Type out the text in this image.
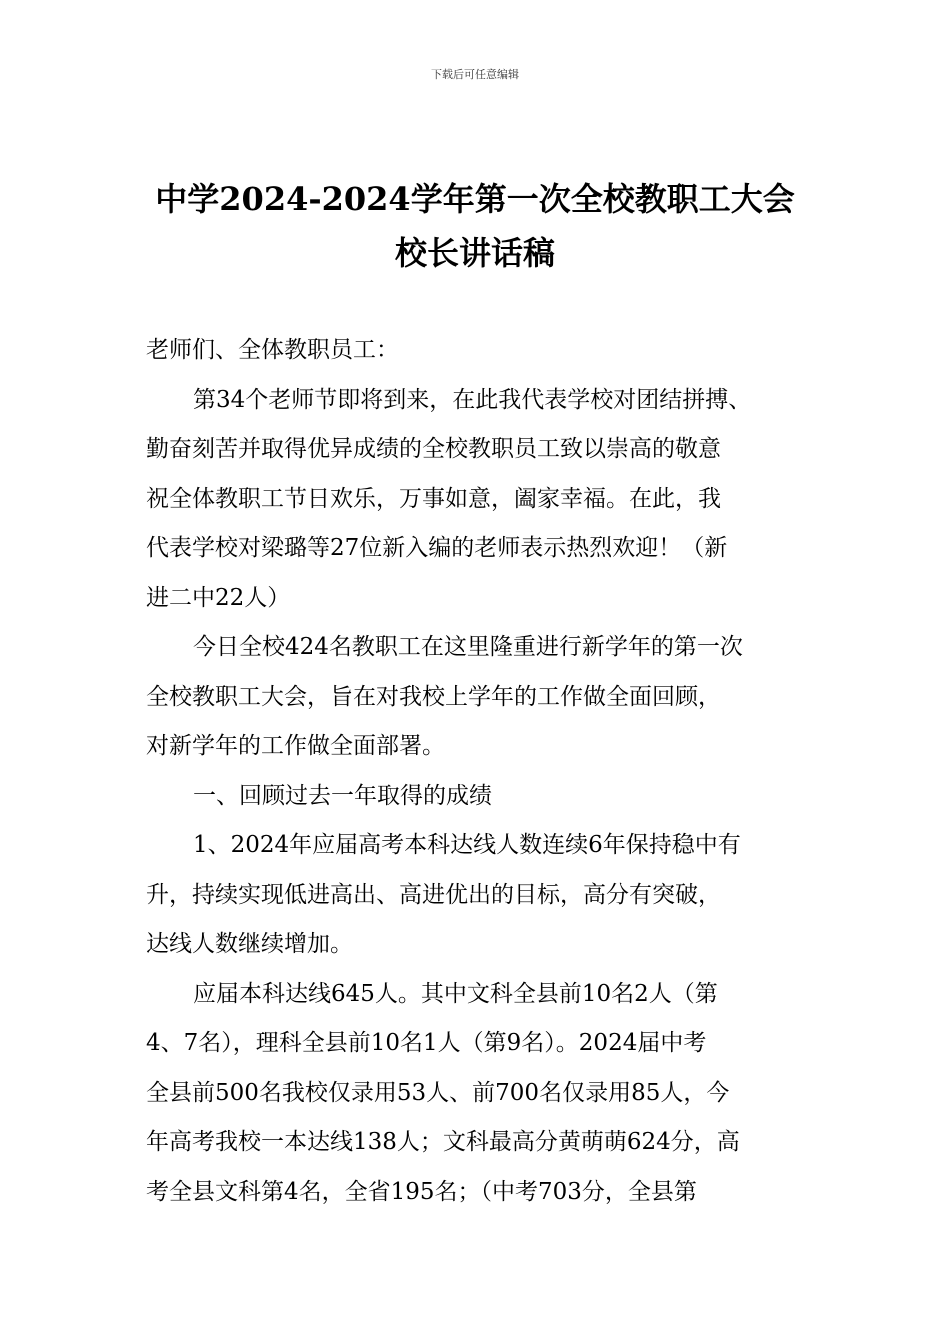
下载后可任意编辑
中学2024-2024学年第一次全校教职工大会
校长讲话稿
老师们、全体教职员工：
第34个老师节即将到来，在此我代表学校对团结拼搏、
勤奋刻苦并取得优异成绩的全校教职员工致以崇高的敬意
祝全体教职工节日欢乐，万事如意，阖家幸福。在此，我
代表学校对梁璐等27位新入编的老师表示热烈欢迎！（新
进二中22人）
今日全校424名教职工在这里隆重进行新学年的第一次
全校教职工大会，旨在对我校上学年的工作做全面回顾，
对新学年的工作做全面部署。
一、回顾过去一年取得的成绩
1、2024年应届高考本科达线人数连续6年保持稳中有
升，持续实现低进高出、高进优出的目标，高分有突破，
达线人数继续增加。
应届本科达线645人。其中文科全县前10名2人（第
4、7名），理科全县前10名1人（第9名）。2024届中考
全县前500名我校仅录用53人、前700名仅录用85人，今
年高考我校一本达线138人；文科最高分黄萌萌624分，高
考全县文科第4名，全省195名；（中考703分，全县第
